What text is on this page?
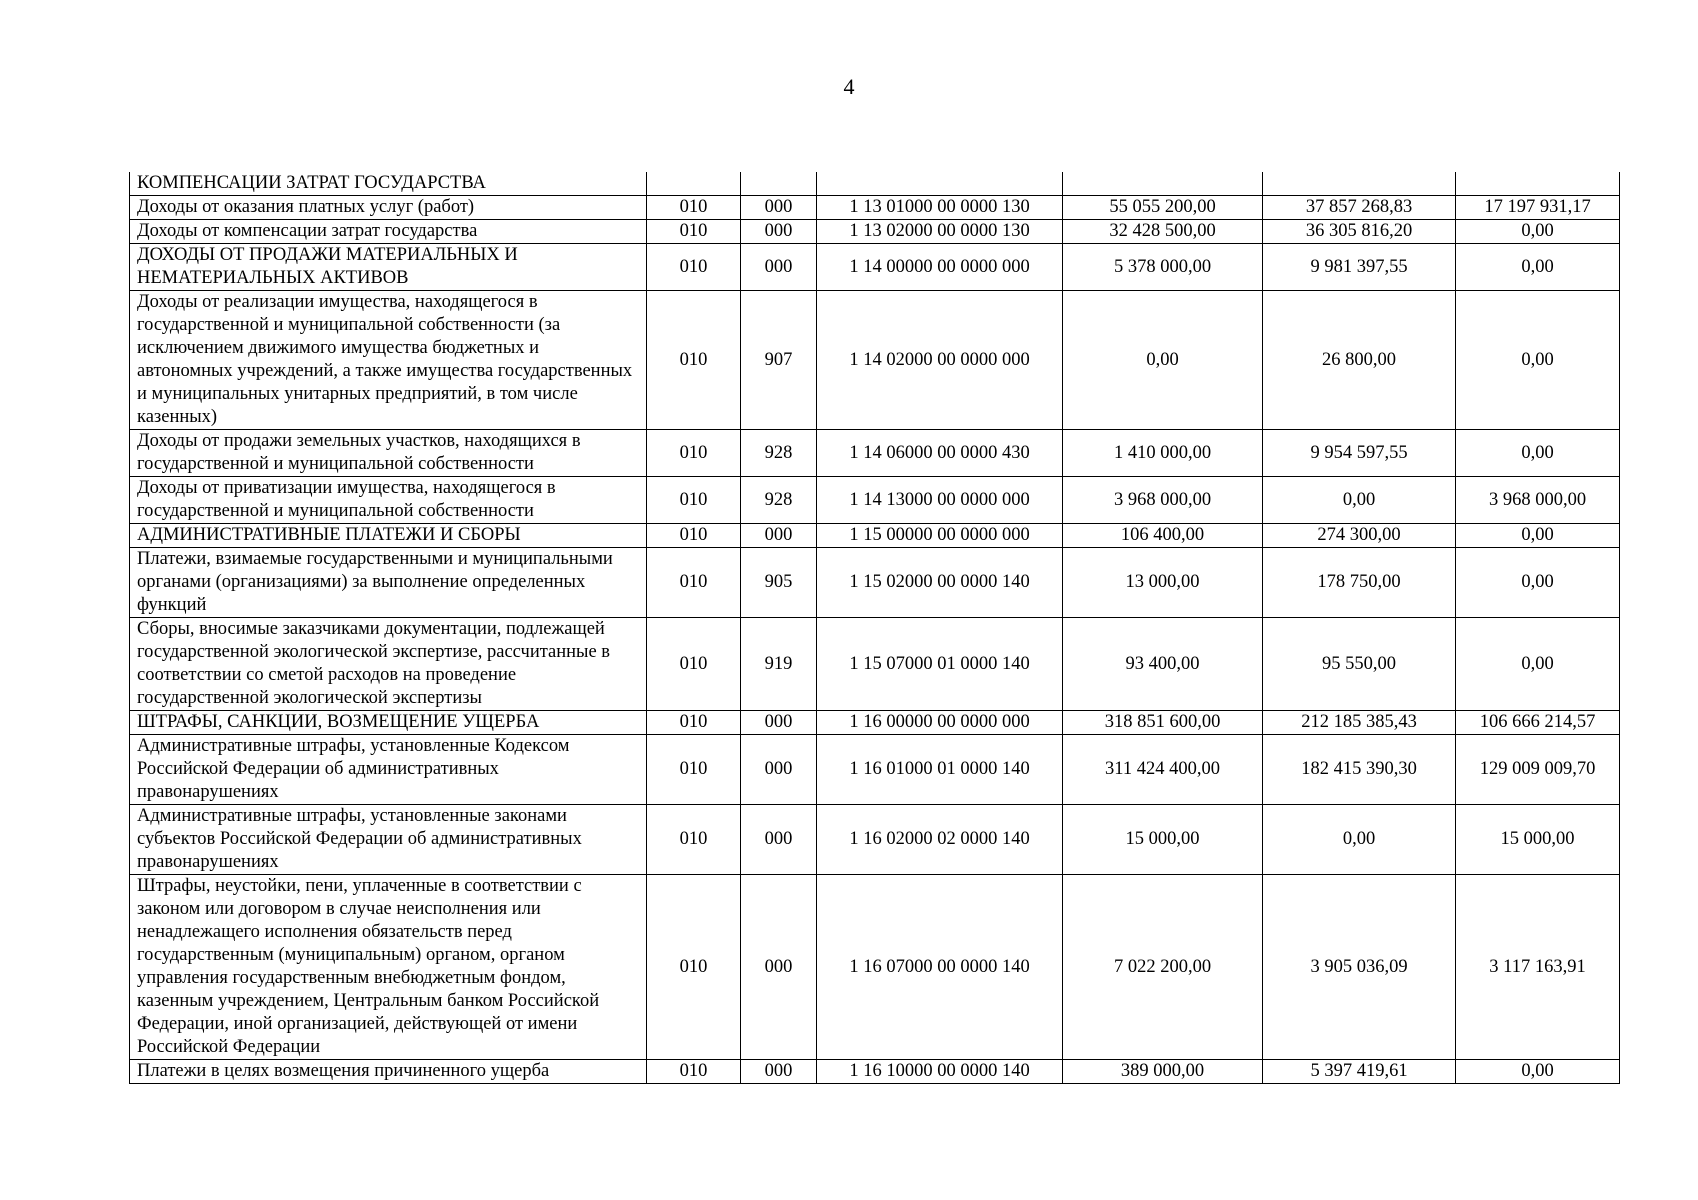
4
КОМПЕНСАЦИИ ЗАТРАТ ГОСУДАРСТВА						

Доходы от оказания платных услуг (работ)	010	000	1 13 01000 00 0000 130	55 055 200,00	37 857 268,83	17 197 931,17

Доходы от компенсации затрат государства	010	000	1 13 02000 00 0000 130	32 428 500,00	36 305 816,20	0,00

ДОХОДЫ ОТ ПРОДАЖИ МАТЕРИАЛЬНЫХ И НЕМАТЕРИАЛЬНЫХ АКТИВОВ	010	000	1 14 00000 00 0000 000	5 378 000,00	9 981 397,55	0,00

Доходы от реализации имущества, находящегося в государственной и муниципальной собственности (за исключением движимого имущества бюджетных и автономных учреждений, а также имущества государственных и муниципальных унитарных предприятий, в том числе казенных)	010	907	1 14 02000 00 0000 000	0,00	26 800,00	0,00

Доходы от продажи земельных участков, находящихся в государственной и муниципальной собственности	010	928	1 14 06000 00 0000 430	1 410 000,00	9 954 597,55	0,00

Доходы от приватизации имущества, находящегося в государственной и муниципальной собственности	010	928	1 14 13000 00 0000 000	3 968 000,00	0,00	3 968 000,00

АДМИНИСТРАТИВНЫЕ ПЛАТЕЖИ И СБОРЫ	010	000	1 15 00000 00 0000 000	106 400,00	274 300,00	0,00

Платежи, взимаемые государственными и муниципальными органами (организациями) за выполнение определенных функций	010	905	1 15 02000 00 0000 140	13 000,00	178 750,00	0,00

Сборы, вносимые заказчиками документации, подлежащей государственной экологической экспертизе, рассчитанные в соответствии со сметой расходов на проведение государственной экологической экспертизы	010	919	1 15 07000 01 0000 140	93 400,00	95 550,00	0,00

ШТРАФЫ, САНКЦИИ, ВОЗМЕЩЕНИЕ УЩЕРБА	010	000	1 16 00000 00 0000 000	318 851 600,00	212 185 385,43	106 666 214,57

Административные штрафы, установленные Кодексом Российской Федерации об административных правонарушениях	010	000	1 16 01000 01 0000 140	311 424 400,00	182 415 390,30	129 009 009,70

Административные штрафы, установленные законами субъектов Российской Федерации об административных правонарушениях	010	000	1 16 02000 02 0000 140	15 000,00	0,00	15 000,00

Штрафы, неустойки, пени, уплаченные в соответствии с законом или договором в случае неисполнения или ненадлежащего исполнения обязательств перед государственным (муниципальным) органом, органом управления государственным внебюджетным фондом, казенным учреждением, Центральным банком Российской Федерации, иной организацией, действующей от имени Российской Федерации	010	000	1 16 07000 00 0000 140	7 022 200,00	3 905 036,09	3 117 163,91

Платежи в целях возмещения причиненного ущерба	010	000	1 16 10000 00 0000 140	389 000,00	5 397 419,61	0,00
